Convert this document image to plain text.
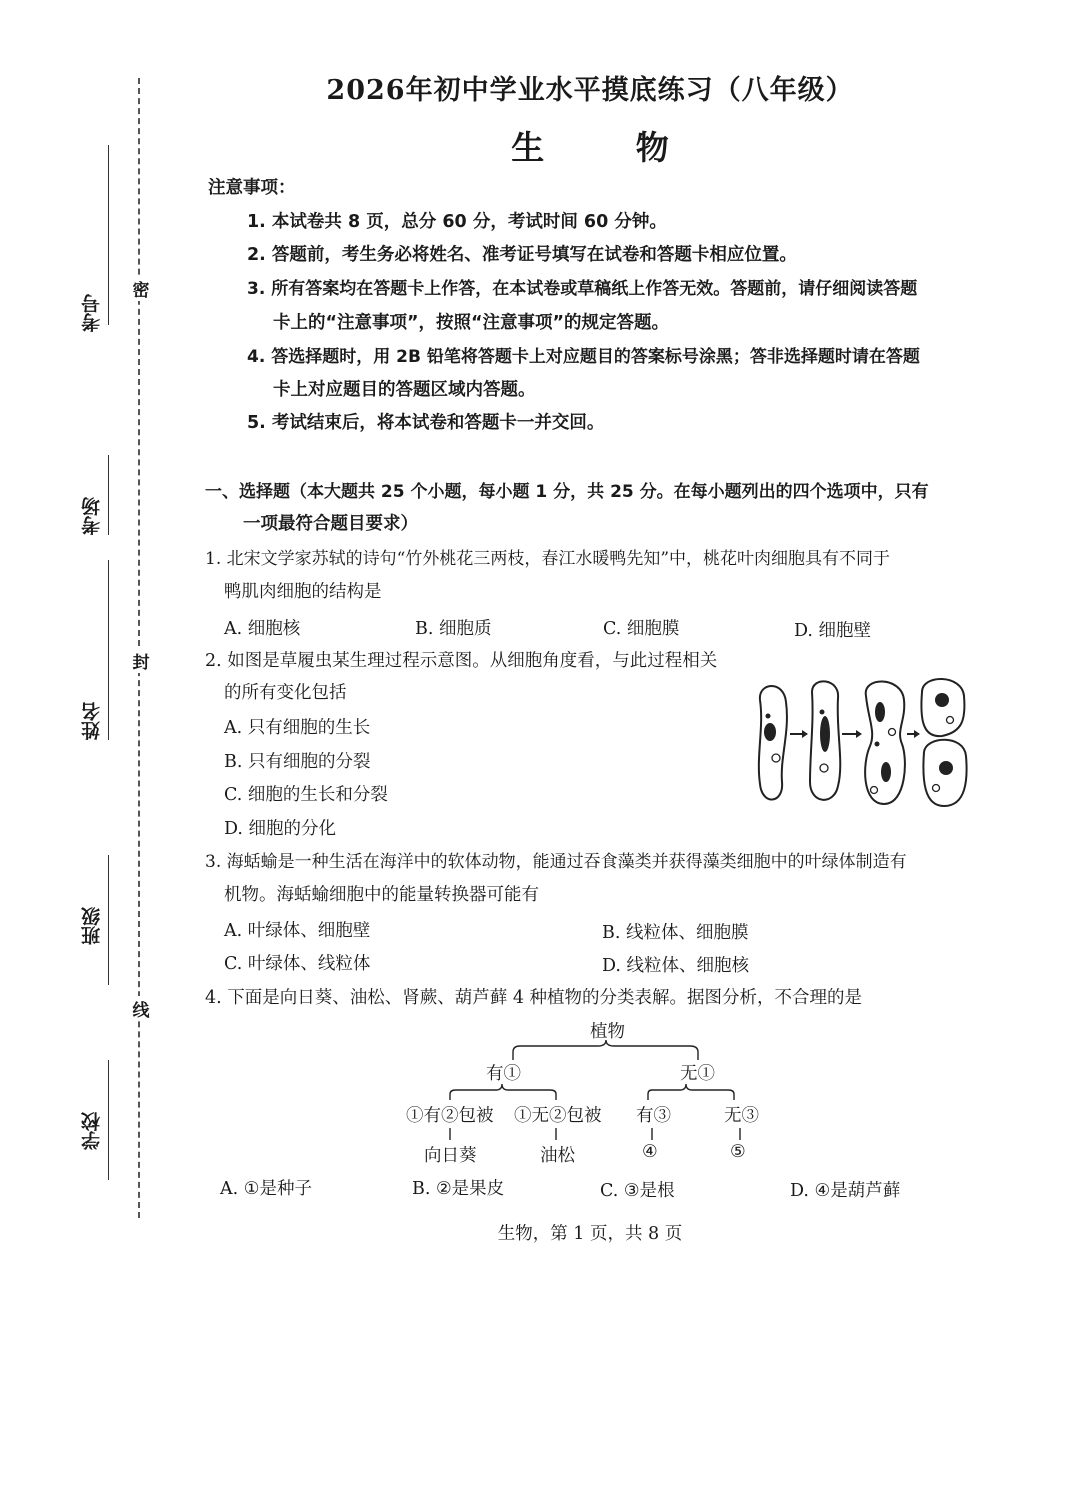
密
封
线
考号
考场
姓名
班级
学校
2026年初中学业水平摸底练习（八年级）
生 物
注意事项：
1. 本试卷共 8 页，总分 60 分，考试时间 60 分钟。
2. 答题前，考生务必将姓名、准考证号填写在试卷和答题卡相应位置。
3. 所有答案均在答题卡上作答，在本试卷或草稿纸上作答无效。答题前，请仔细阅读答题
卡上的“注意事项”，按照“注意事项”的规定答题。
4. 答选择题时，用 2B 铅笔将答题卡上对应题目的答案标号涂黑；答非选择题时请在答题
卡上对应题目的答题区域内答题。
5. 考试结束后，将本试卷和答题卡一并交回。
一、选择题（本大题共 25 个小题，每小题 1 分，共 25 分。在每小题列出的四个选项中，只有
一项最符合题目要求）
1. 北宋文学家苏轼的诗句“竹外桃花三两枝，春江水暖鸭先知”中，桃花叶肉细胞具有不同于
鸭肌肉细胞的结构是
A. 细胞核	B. 细胞质	C. 细胞膜	D. 细胞壁
2. 如图是草履虫某生理过程示意图。从细胞角度看，与此过程相关
的所有变化包括
A. 只有细胞的生长
B. 只有细胞的分裂
C. 细胞的生长和分裂
D. 细胞的分化
3. 海蛞蝓是一种生活在海洋中的软体动物，能通过吞食藻类并获得藻类细胞中的叶绿体制造有
机物。海蛞蝓细胞中的能量转换器可能有
A. 叶绿体、细胞壁	B. 线粒体、细胞膜
C. 叶绿体、线粒体	D. 线粒体、细胞核
4. 下面是向日葵、油松、肾蕨、葫芦藓 4 种植物的分类表解。据图分析，不合理的是
植物
有①	无①
①有②包被 ①无②包被 有③	无③
向日葵	油松	④	⑤
A. ①是种子	B. ②是果皮	C. ③是根	D. ④是葫芦藓
生物，第 1 页，共 8 页
